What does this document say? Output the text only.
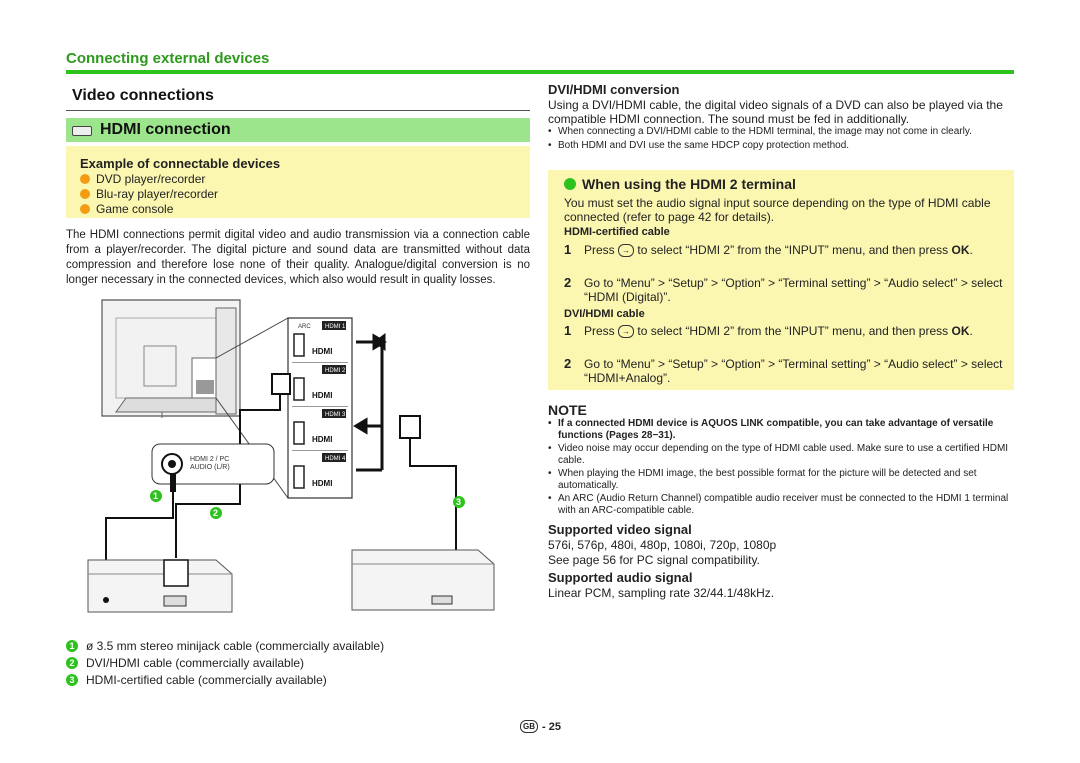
Connecting external devices
Video connections
HDMI connection
Example of connectable devices
DVD player/recorder
Blu-ray player/recorder
Game console
The HDMI connections permit digital video and audio transmission via a connection cable from a player/recorder. The digital picture and sound data are transmitted without data compression and therefore lose none of their quality. Analogue/digital conversion is no longer necessary in the connected devices, which also would result in quality losses.
ARC HDMI 1
HDMI
HDMI 2
HDMI
HDMI 3
HDMI
HDMI 4
HDMI
HDMI 2 / PC
AUDIO (L/R)
1
2
3
1 ø 3.5 mm stereo minijack cable (commercially available)
2 DVI/HDMI cable (commercially available)
3 HDMI-certified cable (commercially available)
DVI/HDMI conversion
Using a DVI/HDMI cable, the digital video signals of a DVD can also be played via the compatible HDMI connection. The sound must be fed in additionally.
• When connecting a DVI/HDMI cable to the HDMI terminal, the image may not come in clearly.
• Both HDMI and DVI use the same HDCP copy protection method.
When using the HDMI 2 terminal
You must set the audio signal input source depending on the type of HDMI cable connected (refer to page 42 for details).
HDMI-certified cable
1	Press → to select “HDMI 2” from the “INPUT” menu, and then press OK.
2	Go to “Menu” > “Setup” > “Option” > “Terminal setting” > “Audio select” > select “HDMI (Digital)”.
DVI/HDMI cable
1	Press → to select “HDMI 2” from the “INPUT” menu, and then press OK.
2	Go to “Menu” > “Setup” > “Option” > “Terminal setting” > “Audio select” > select “HDMI+Analog”.
NOTE
• If a connected HDMI device is AQUOS LINK compatible, you can take advantage of versatile functions (Pages 28−31).
• Video noise may occur depending on the type of HDMI cable used. Make sure to use a certified HDMI cable.
• When playing the HDMI image, the best possible format for the picture will be detected and set automatically.
• An ARC (Audio Return Channel) compatible audio receiver must be connected to the HDMI 1 terminal with an ARC-compatible cable.
Supported video signal
576i, 576p, 480i, 480p, 1080i, 720p, 1080p
See page 56 for PC signal compatibility.
Supported audio signal
Linear PCM, sampling rate 32/44.1/48kHz.
GB - 25
